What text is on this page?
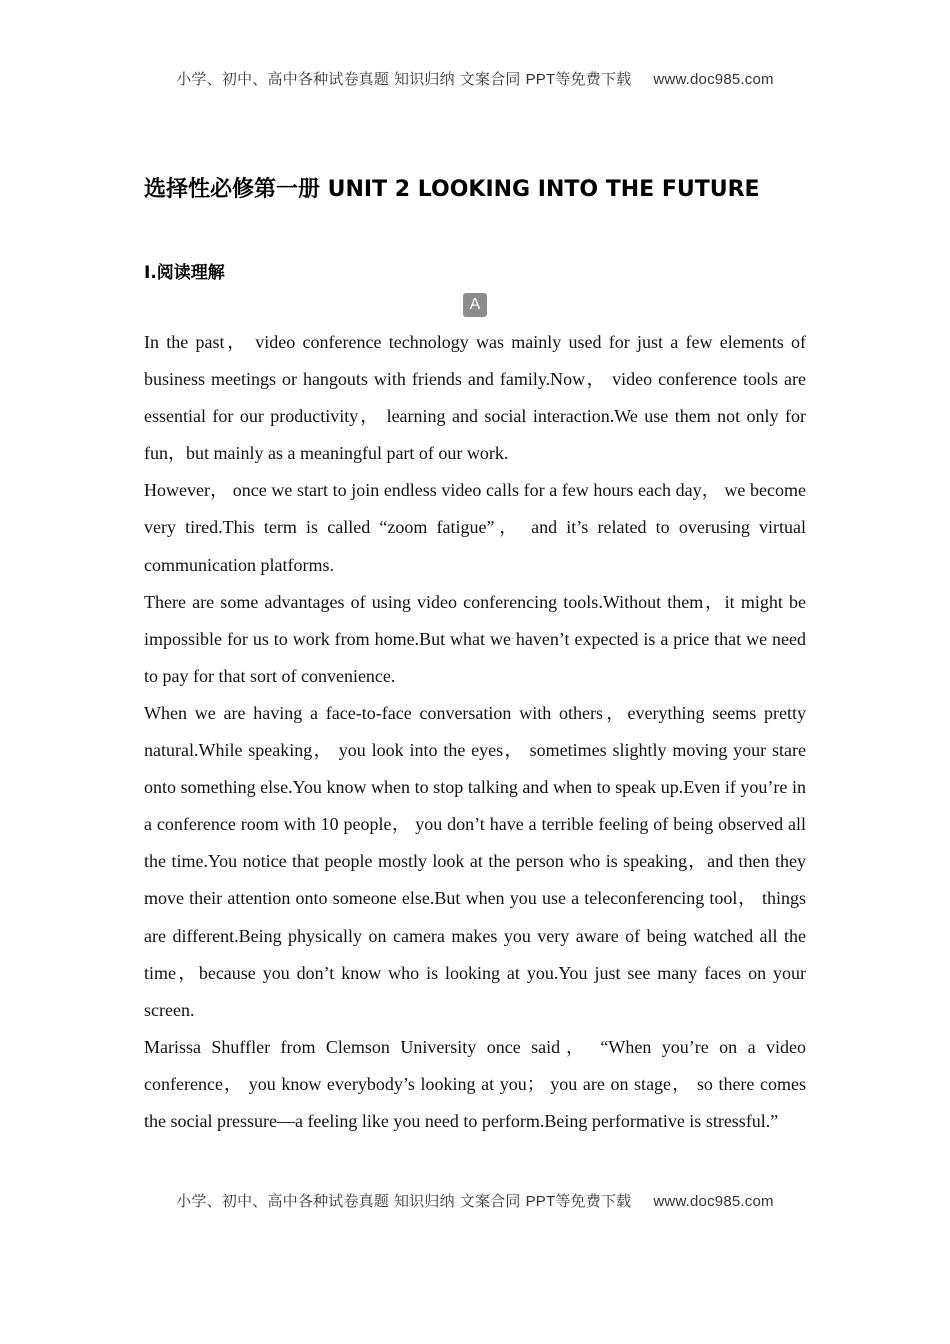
小学、初中、高中各种试卷真题 知识归纳 文案合同 PPT等免费下载 www.doc985.com
选择性必修第一册 UNIT 2 LOOKING INTO THE FUTURE
Ⅰ.阅读理解
A

In the past， video conference technology was mainly used for just a few elements of business meetings or hangouts with friends and family.Now， video conference tools are essential for our productivity， learning and social interaction.We use them not only for fun，but mainly as a meaningful part of our work.

However， once we start to join endless video calls for a few hours each day， we become very tired.This term is called “zoom fatigue”， and it’s related to overusing virtual communication platforms.

There are some advantages of using video conferencing tools.Without them，it might be impossible for us to work from home.But what we haven’t expected is a price that we need to pay for that sort of convenience.

When we are having a face-to-face conversation with others，everything seems pretty natural.While speaking， you look into the eyes， sometimes slightly moving your stare onto something else.You know when to stop talking and when to speak up.Even if you’re in a conference room with 10 people， you don’t have a terrible feeling of being observed all the time.You notice that people mostly look at the person who is speaking，and then they move their attention onto someone else.But when you use a teleconferencing tool， things are different.Being physically on camera makes you very aware of being watched all the time，because you don’t know who is looking at you.You just see many faces on your screen.

Marissa Shuffler from Clemson University once said， “When you’re on a video conference， you know everybody’s looking at you； you are on stage， so there comes the social pressure—a feeling like you need to perform.Being performative is stressful.”

小学、初中、高中各种试卷真题 知识归纳 文案合同 PPT等免费下载 www.doc985.com
